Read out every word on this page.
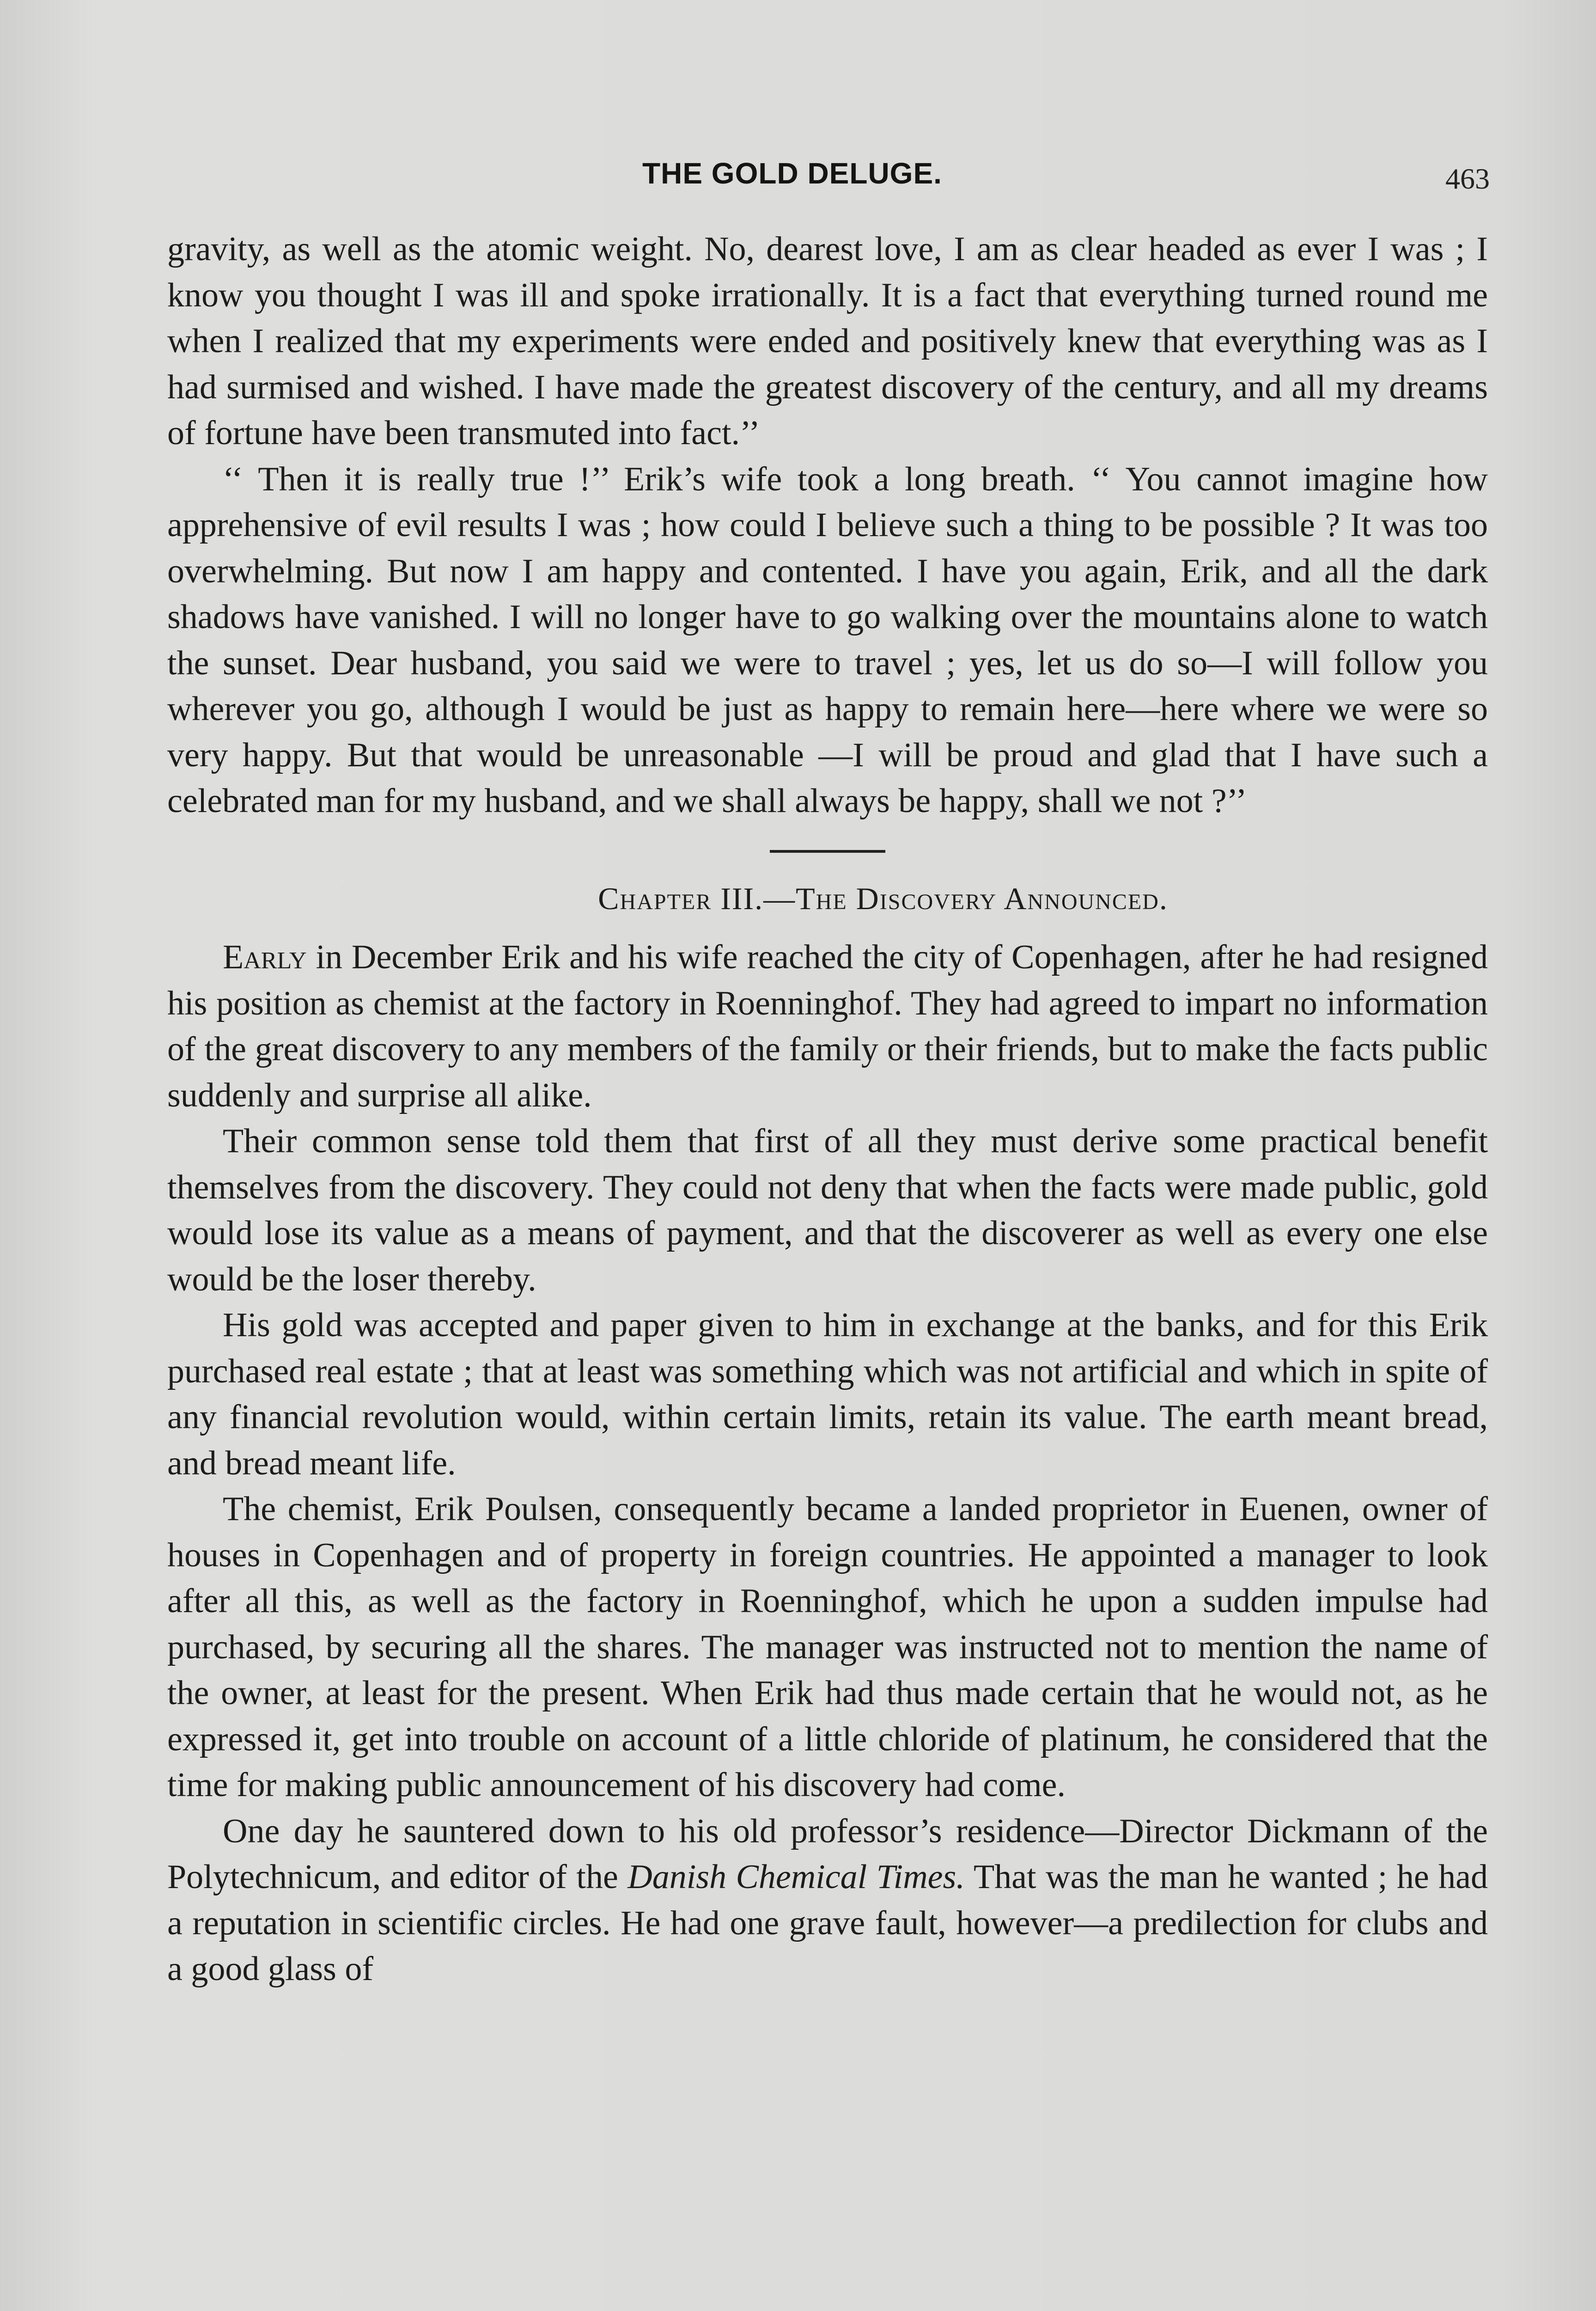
THE GOLD DELUGE.	463

gravity, as well as the atomic weight. No, dearest love, I am as clear headed as ever I was ; I know you thought I was ill and spoke irrationally. It is a fact that everything turned round me when I realized that my experiments were ended and positively knew that everything was as I had surmised and wished. I have made the greatest discovery of the century, and all my dreams of fortune have been transmuted into fact.’’

‘‘ Then it is really true !’’ Erik’s wife took a long breath. ‘‘ You cannot imagine how apprehensive of evil results I was ; how could I believe such a thing to be possible ? It was too overwhelming. But now I am happy and contented. I have you again, Erik, and all the dark shadows have vanished. I will no longer have to go walking over the mountains alone to watch the sunset. Dear husband, you said we were to travel ; yes, let us do so—I will follow you wherever you go, although I would be just as happy to remain here—here where we were so very happy. But that would be unreasonable —I will be proud and glad that I have such a celebrated man for my husband, and we shall always be happy, shall we not ?’’

Chapter III.—The Discovery Announced.

Early in December Erik and his wife reached the city of Copenhagen, after he had resigned his position as chemist at the factory in Roenninghof. They had agreed to impart no information of the great discovery to any members of the family or their friends, but to make the facts public suddenly and surprise all alike.

Their common sense told them that first of all they must derive some practical benefit themselves from the discovery. They could not deny that when the facts were made public, gold would lose its value as a means of payment, and that the discoverer as well as every one else would be the loser thereby.

His gold was accepted and paper given to him in exchange at the banks, and for this Erik purchased real estate ; that at least was something which was not artificial and which in spite of any financial revolution would, within certain limits, retain its value. The earth meant bread, and bread meant life.

The chemist, Erik Poulsen, consequently became a landed proprietor in Euenen, owner of houses in Copenhagen and of property in foreign countries. He appointed a manager to look after all this, as well as the factory in Roenninghof, which he upon a sudden impulse had purchased, by securing all the shares. The manager was instructed not to mention the name of the owner, at least for the present. When Erik had thus made certain that he would not, as he expressed it, get into trouble on account of a little chloride of platinum, he considered that the time for making public announcement of his discovery had come.

One day he sauntered down to his old professor’s residence—Director Dickmann of the Polytechnicum, and editor of the Danish Chemical Times. That was the man he wanted ; he had a reputation in scientific circles. He had one grave fault, however—a predilection for clubs and a good glass of
